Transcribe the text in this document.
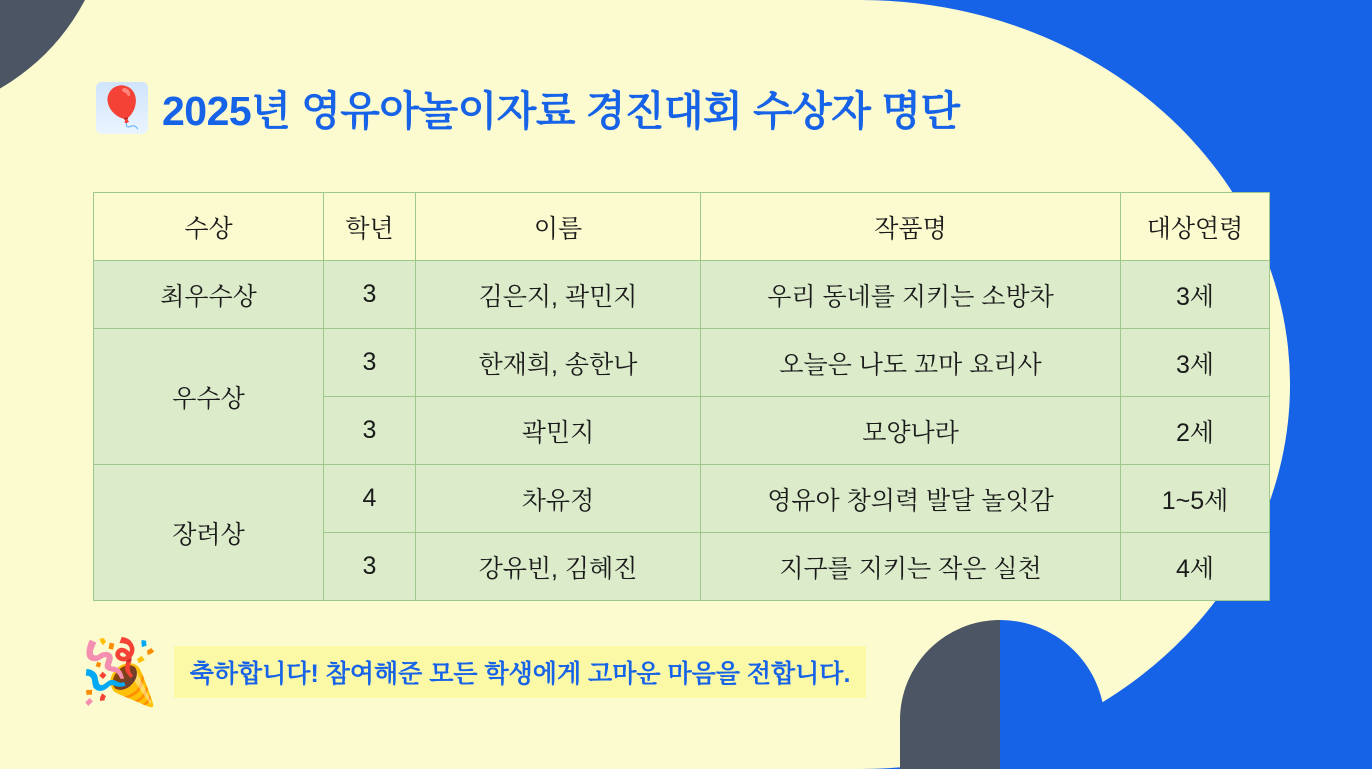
🎈 2025년 영유아놀이자료 경진대회 수상자 명단
수상	학년	이름	작품명	대상연령
최우수상	3	김은지, 곽민지	우리 동네를 지키는 소방차	3세
우수상	3	한재희, 송한나	오늘은 나도 꼬마 요리사	3세
	3	곽민지	모양나라	2세
장려상	4	차유정	영유아 창의력 발달 놀잇감	1~5세
	3	강유빈, 김혜진	지구를 지키는 작은 실천	4세
🎉	축하합니다! 참여해준 모든 학생에게 고마운 마음을 전합니다.
